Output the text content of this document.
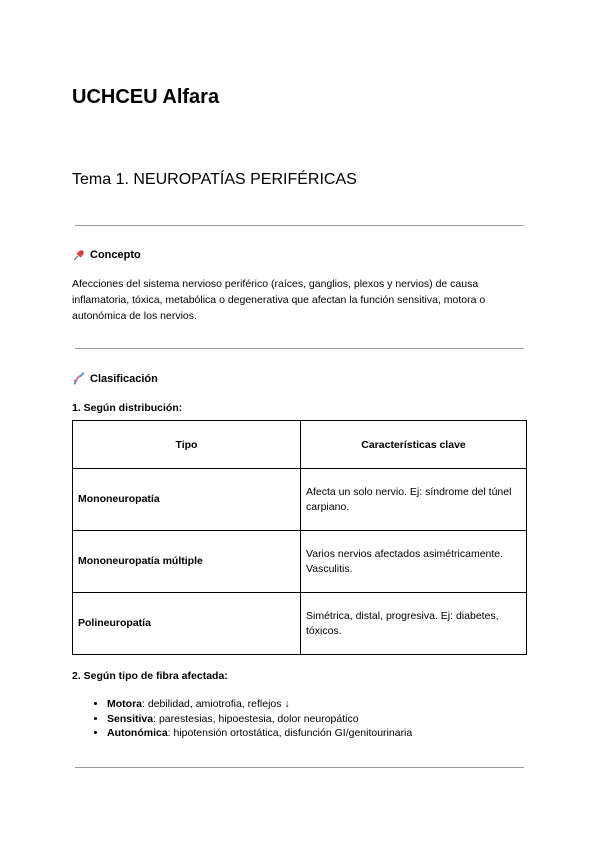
UCHCEU Alfara
Tema 1. NEUROPATÍAS PERIFÉRICAS
Concepto

Afecciones del sistema nervioso periférico (raíces, ganglios, plexos y nervios) de causa inflamatoria, tóxica, metabólica o degenerativa que afectan la función sensitiva, motora o autonómica de los nervios.

Clasificación

1. Según distribución:

Tipo	Características clave
Mononeuropatía	Afecta un solo nervio. Ej: síndrome del túnel carpiano.
Mononeuropatía múltiple	Varios nervios afectados asimétricamente. Vasculitis.
Polineuropatía	Simétrica, distal, progresiva. Ej: diabetes, tóxicos.

2. Según tipo de fibra afectada:

• Motora: debilidad, amiotrofia, reflejos ↓
• Sensitiva: parestesias, hipoestesia, dolor neuropático
• Autonómica: hipotensión ortostática, disfunción GI/genitourinaria
